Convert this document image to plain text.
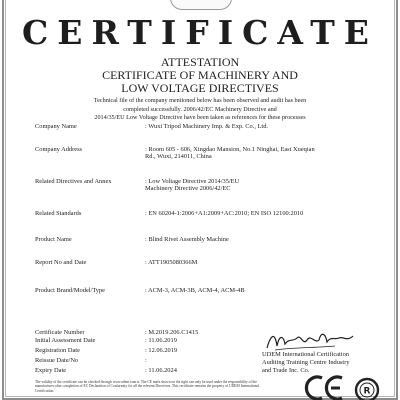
CERTIFICATE
ATTESTATION
CERTIFICATE OF MACHINERY AND
LOW VOLTAGE DIRECTIVES
Technical file of the company mentioned below has been observed and audit has been
completed successfully. 2006/42/EC Machinery Directive and
2014/35/EU Low Voltage Directive have been taken as references for these processes
Company Name	: Wuxi Tripod Machinery Imp. & Exp. Co., Ltd.
Company Address	: Room 605 - 606, Xingdao Mansion, No.1 Ninghai, East Xueqian
Rd., Wuxi, 214011, China
Related Directives and Annex	: Low Voltage Directive 2014/35/EU
Machinery Directive 2006/42/EC
Related Standards	: EN 60204-1:2006+A1:2009+AC:2010; EN ISO 12100:2010
Product Name	: Blind Rivet Assembly Machine
Report No and Date	: ATT1905080366M
Product Brand/Model/Type	: ACM-3, ACM-3B, ACM-4, ACM-4B
Certificate Number	: M.2019.206.C1415
Initial Assessment Date	: 11.06.2019
Registration Date	: 12.06.2019
Reissue Date/No	:
Expiry Date	: 11.06.2024
UDEM International Certification
Auditing Training Centre Industry
and Trade Inc. Co.
The validity of the certificate can be checked through www.udem.com.tr. The CE mark shown on the right can only be used under the responsibility of the manufacturer after completion of EC Declaration of Conformity for all the relevant Directives. This certificate remains the property of UDEM International Certification.	R
